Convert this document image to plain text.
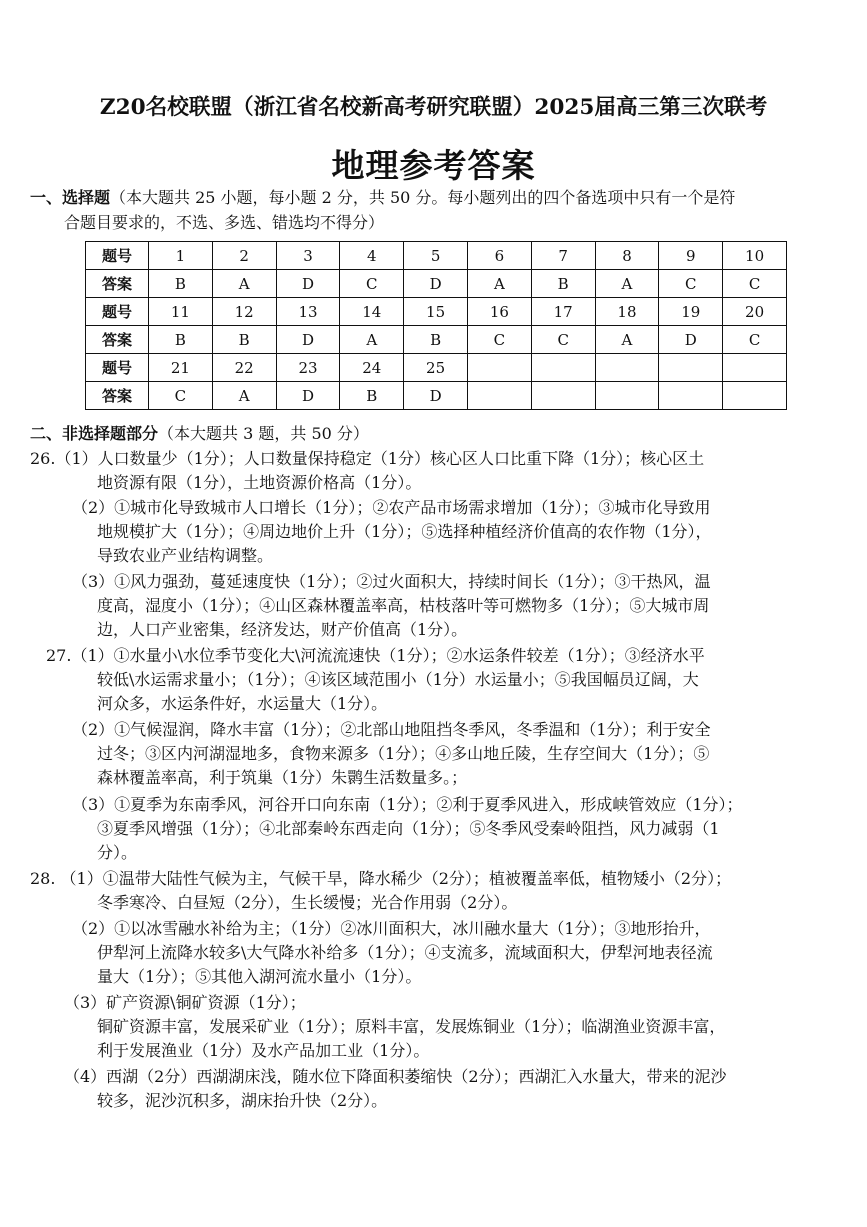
Z20名校联盟（浙江省名校新高考研究联盟）2025届高三第三次联考
地理参考答案
一、选择题（本大题共 25 小题，每小题 2 分，共 50 分。每小题列出的四个备选项中只有一个是符
合题目要求的，不选、多选、错选均不得分）
题号	1	2	3	4	5	6	7	8	9	10
答案	B	A	D	C	D	A	B	A	C	C
题号	11	12	13	14	15	16	17	18	19	20
答案	B	B	D	A	B	C	C	A	D	C
题号	21	22	23	24	25					
答案	C	A	D	B	D					
二、非选择题部分（本大题共 3 题，共 50 分）
26.（1）人口数量少（1分）；人口数量保持稳定（1分）核心区人口比重下降（1分）；核心区土
地资源有限（1分），土地资源价格高（1分）。
（2）①城市化导致城市人口增长（1分）；②农产品市场需求增加（1分）；③城市化导致用
地规模扩大（1分）；④周边地价上升（1分）；⑤选择种植经济价值高的农作物（1分），
导致农业产业结构调整。
（3）①风力强劲，蔓延速度快（1分）；②过火面积大，持续时间长（1分）；③干热风，温
度高，湿度小（1分）；④山区森林覆盖率高，枯枝落叶等可燃物多（1分）；⑤大城市周
边，人口产业密集，经济发达，财产价值高（1分）。
27.（1）①水量小\水位季节变化大\河流流速快（1分）；②水运条件较差（1分）；③经济水平
较低\水运需求量小；（1分）；④该区域范围小（1分）水运量小；⑤我国幅员辽阔，大
河众多，水运条件好，水运量大（1分）。
（2）①气候湿润，降水丰富（1分）；②北部山地阻挡冬季风，冬季温和（1分）；利于安全
过冬；③区内河湖湿地多，食物来源多（1分）；④多山地丘陵，生存空间大（1分）；⑤
森林覆盖率高，利于筑巢（1分）朱鹮生活数量多。；
（3）①夏季为东南季风，河谷开口向东南（1分）；②利于夏季风进入，形成峡管效应（1分）；
③夏季风增强（1分）；④北部秦岭东西走向（1分）；⑤冬季风受秦岭阻挡，风力减弱（1
分）。
28. （1）①温带大陆性气候为主，气候干旱，降水稀少（2分）；植被覆盖率低，植物矮小（2分）；
冬季寒冷、白昼短（2分），生长缓慢；光合作用弱（2分）。
（2）①以冰雪融水补给为主；（1分）②冰川面积大，冰川融水量大（1分）；③地形抬升，
伊犁河上流降水较多\大气降水补给多（1分）；④支流多，流域面积大，伊犁河地表径流
量大（1分）；⑤其他入湖河流水量小（1分）。
（3）矿产资源\铜矿资源（1分）；
铜矿资源丰富，发展采矿业（1分）；原料丰富，发展炼铜业（1分）；临湖渔业资源丰富，
利于发展渔业（1分）及水产品加工业（1分）。
（4）西湖（2分）西湖湖床浅，随水位下降面积萎缩快（2分）；西湖汇入水量大，带来的泥沙
较多，泥沙沉积多，湖床抬升快（2分）。
